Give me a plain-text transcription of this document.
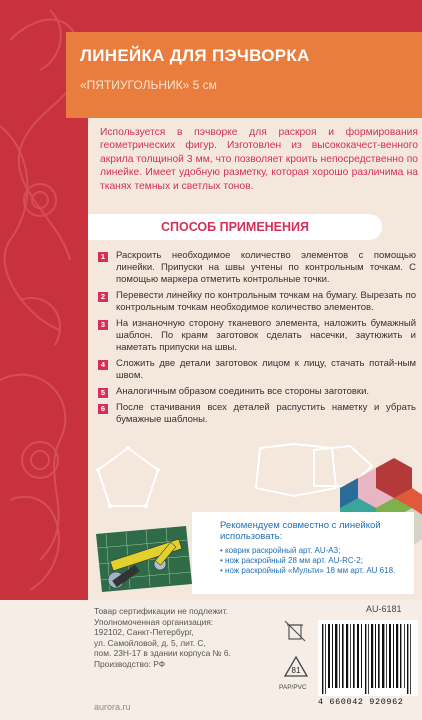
ЛИНЕЙКА ДЛЯ ПЭЧВОРКА
«ПЯТИУГОЛЬНИК» 5 см
Используется в пэчворке для раскроя и формирования геометрических фигур. Изготовлен из высококачест-венного акрила толщиной 3 мм, что позволяет кроить непосредственно по линейке. Имеет удобную разметку, которая хорошо различима на тканях темных и светлых тонов.
СПОСОБ ПРИМЕНЕНИЯ
1	Раскроить необходимое количество элементов с помощью линейки. Припуски на швы учтены по контрольным точкам. С помощью маркера отметить контрольные точки.
2	Перевести линейку по контрольным точкам на бумагу. Вырезать по контрольным точкам необходимое количество элементов.
3	На изнаночную сторону тканевого элемента, наложить бумажный шаблон. По краям заготовок сделать насечки, заутюжить и наметать припуски на швы.
4	Сложить две детали заготовок лицом к лицу, стачать потай-ным швом.
5	Аналогичным образом соединить все стороны заготовки.
6	После стачивания всех деталей распустить наметку и убрать бумажные шаблоны.
Рекомендуем совместно с линейкой использовать:
• коврик раскройный арт. AU-A3;
• нож раскройный 28 мм арт. AU-RC-2;
• нож раскройный «Мульти» 18 мм арт. AU 618.
Товар сертификации не подлежит.
Уполномоченная организация:
192102, Санкт-Петербург,
ул. Самойловой, д. 5, лит. С,
пом. 23Н-17 в здании корпуса № 6.
Производство: РФ
aurora.ru
AU-6181
81
PAP/PVC
4 660042 920962
